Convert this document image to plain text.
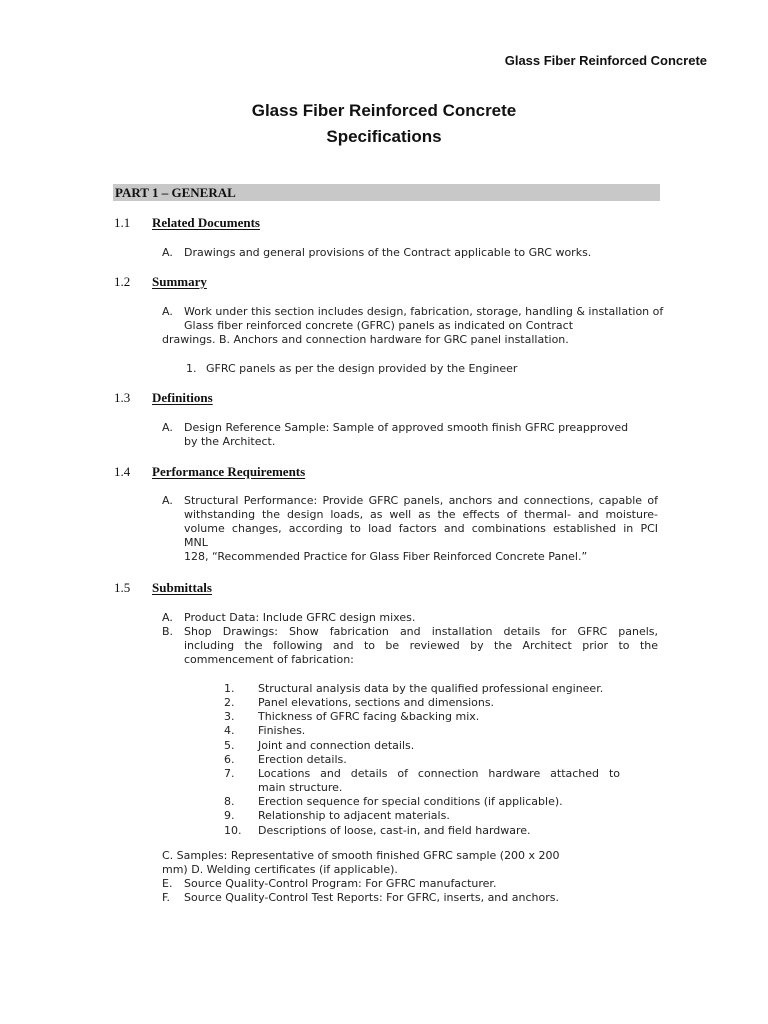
Glass Fiber Reinforced Concrete
Glass Fiber Reinforced Concrete
Specifications
PART 1 – GENERAL
1.1 Related Documents
A. Drawings and general provisions of the Contract applicable to GRC works.
1.2 Summary
A. Work under this section includes design, fabrication, storage, handling & installation of
Glass fiber reinforced concrete (GFRC) panels as indicated on Contract
drawings. B. Anchors and connection hardware for GRC panel installation.
1. GFRC panels as per the design provided by the Engineer
1.3 Definitions
A. Design Reference Sample: Sample of approved smooth finish GFRC preapproved
by the Architect.
1.4 Performance Requirements
A. Structural Performance: Provide GFRC panels, anchors and connections, capable of
withstanding the design loads, as well as the effects of thermal- and moisture-
volume changes, according to load factors and combinations established in PCI
MNL
128, “Recommended Practice for Glass Fiber Reinforced Concrete Panel.”
1.5 Submittals
A. Product Data: Include GFRC design mixes.
B. Shop Drawings: Show fabrication and installation details for GFRC panels,
including the following and to be reviewed by the Architect prior to the
commencement of fabrication:
1. Structural analysis data by the qualified professional engineer.
2. Panel elevations, sections and dimensions.
3. Thickness of GFRC facing &backing mix.
4. Finishes.
5. Joint and connection details.
6. Erection details.
7. Locations and details of connection hardware attached to
main structure.
8. Erection sequence for special conditions (if applicable).
9. Relationship to adjacent materials.
10. Descriptions of loose, cast-in, and field hardware.
C. Samples: Representative of smooth finished GFRC sample (200 x 200
mm) D. Welding certificates (if applicable).
E. Source Quality-Control Program: For GFRC manufacturer.
F. Source Quality-Control Test Reports: For GFRC, inserts, and anchors.
